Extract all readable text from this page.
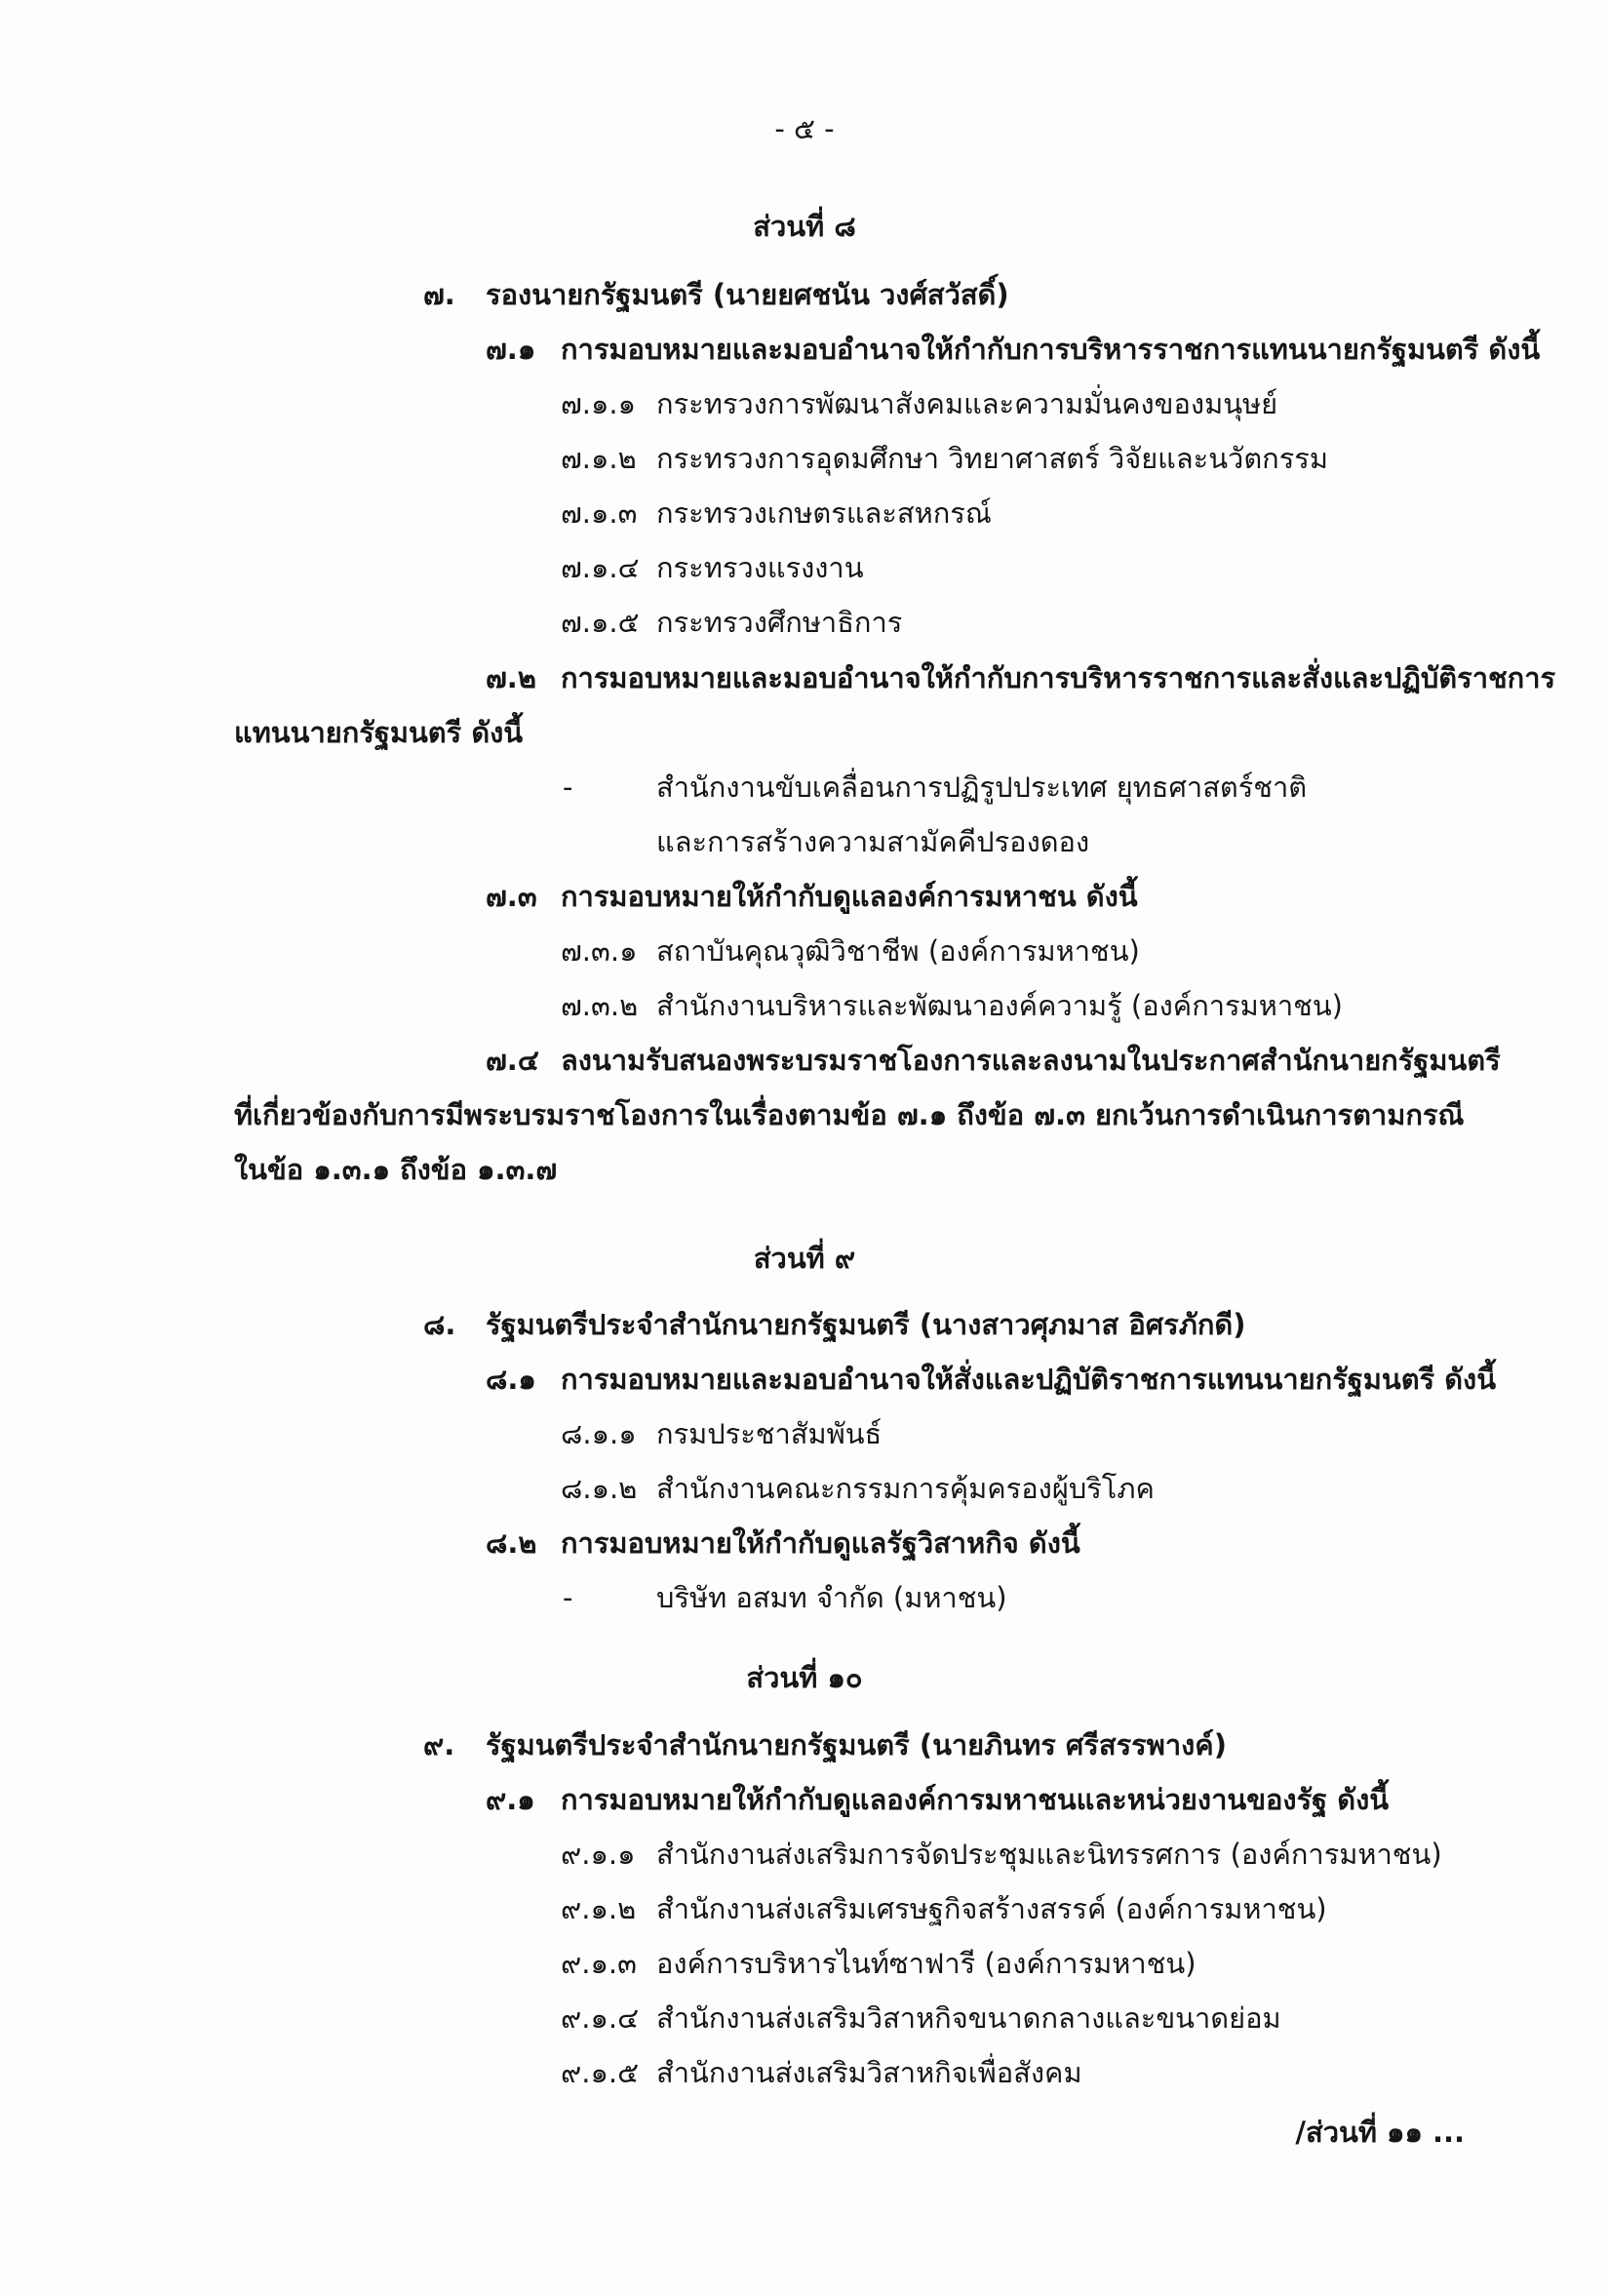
- ๕ -
ส่วนที่ ๘
๗. รองนายกรัฐมนตรี (นายยศชนัน วงศ์สวัสดิ์)
๗.๑ การมอบหมายและมอบอำนาจให้กำกับการบริหารราชการแทนนายกรัฐมนตรี ดังนี้
๗.๑.๑ กระทรวงการพัฒนาสังคมและความมั่นคงของมนุษย์
๗.๑.๒ กระทรวงการอุดมศึกษา วิทยาศาสตร์ วิจัยและนวัตกรรม
๗.๑.๓ กระทรวงเกษตรและสหกรณ์
๗.๑.๔ กระทรวงแรงงาน
๗.๑.๕ กระทรวงศึกษาธิการ
๗.๒ การมอบหมายและมอบอำนาจให้กำกับการบริหารราชการและสั่งและปฏิบัติราชการ
แทนนายกรัฐมนตรี ดังนี้
-	สำนักงานขับเคลื่อนการปฏิรูปประเทศ ยุทธศาสตร์ชาติ
และการสร้างความสามัคคีปรองดอง
๗.๓ การมอบหมายให้กำกับดูแลองค์การมหาชน ดังนี้
๗.๓.๑ สถาบันคุณวุฒิวิชาชีพ (องค์การมหาชน)
๗.๓.๒ สำนักงานบริหารและพัฒนาองค์ความรู้ (องค์การมหาชน)
๗.๔ ลงนามรับสนองพระบรมราชโองการและลงนามในประกาศสำนักนายกรัฐมนตรี
ที่เกี่ยวข้องกับการมีพระบรมราชโองการในเรื่องตามข้อ ๗.๑ ถึงข้อ ๗.๓ ยกเว้นการดำเนินการตามกรณี
ในข้อ ๑.๓.๑ ถึงข้อ ๑.๓.๗
ส่วนที่ ๙
๘. รัฐมนตรีประจำสำนักนายกรัฐมนตรี (นางสาวศุภมาส อิศรภักดี)
๘.๑ การมอบหมายและมอบอำนาจให้สั่งและปฏิบัติราชการแทนนายกรัฐมนตรี ดังนี้
๘.๑.๑ กรมประชาสัมพันธ์
๘.๑.๒ สำนักงานคณะกรรมการคุ้มครองผู้บริโภค
๘.๒ การมอบหมายให้กำกับดูแลรัฐวิสาหกิจ ดังนี้
-	บริษัท อสมท จำกัด (มหาชน)
ส่วนที่ ๑๐
๙. รัฐมนตรีประจำสำนักนายกรัฐมนตรี (นายภินทร ศรีสรรพางค์)
๙.๑ การมอบหมายให้กำกับดูแลองค์การมหาชนและหน่วยงานของรัฐ ดังนี้
๙.๑.๑ สำนักงานส่งเสริมการจัดประชุมและนิทรรศการ (องค์การมหาชน)
๙.๑.๒ สำนักงานส่งเสริมเศรษฐกิจสร้างสรรค์ (องค์การมหาชน)
๙.๑.๓ องค์การบริหารไนท์ซาฟารี (องค์การมหาชน)
๙.๑.๔ สำนักงานส่งเสริมวิสาหกิจขนาดกลางและขนาดย่อม
๙.๑.๕ สำนักงานส่งเสริมวิสาหกิจเพื่อสังคม
/ส่วนที่ ๑๑ ...
